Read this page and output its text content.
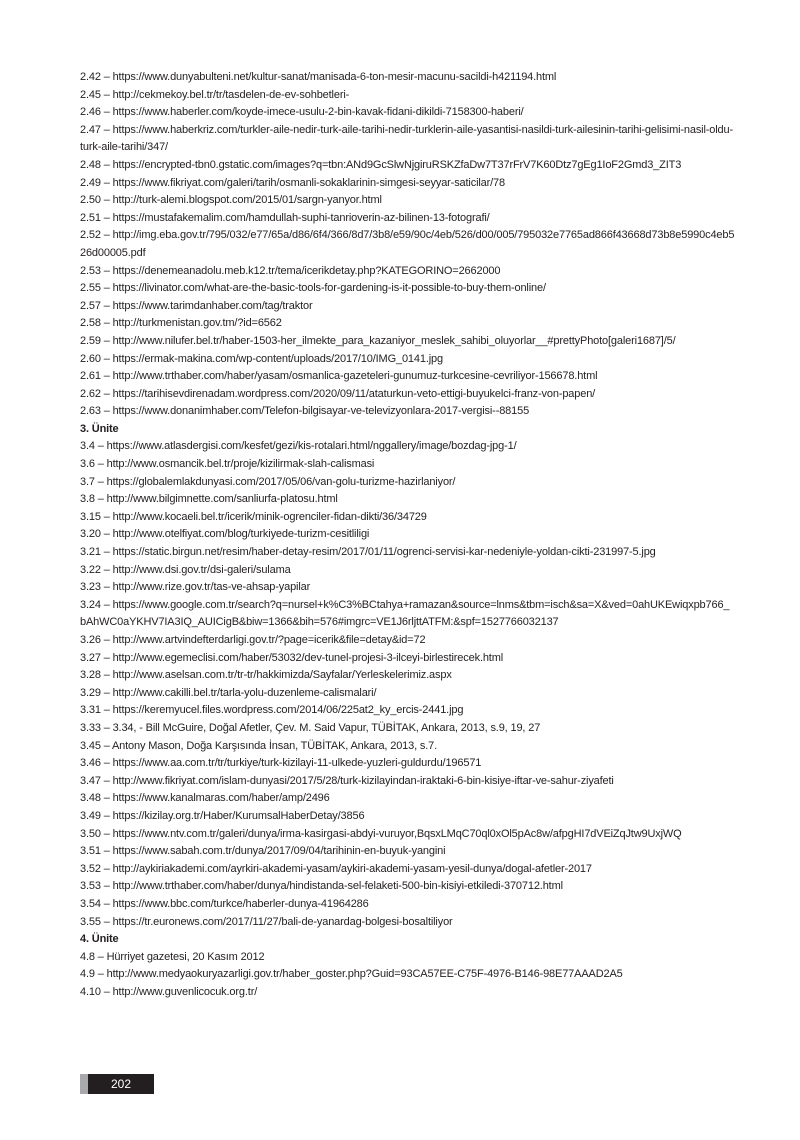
2.42 – https://www.dunyabulteni.net/kultur-sanat/manisada-6-ton-mesir-macunu-sacildi-h421194.html
2.45 – http://cekmekoy.bel.tr/tr/tasdelen-de-ev-sohbetleri-
2.46 – https://www.haberler.com/koyde-imece-usulu-2-bin-kavak-fidani-dikildi-7158300-haberi/
2.47 – https://www.haberkriz.com/turkler-aile-nedir-turk-aile-tarihi-nedir-turklerin-aile-yasantisi-nasildi-turk-ailesinin-tarihi-gelisimi-nasil-oldu-turk-aile-tarihi/347/
2.48 – https://encrypted-tbn0.gstatic.com/images?q=tbn:ANd9GcSlwNjgiruRSKZfaDw7T37rFrV7K60Dtz7gEg1IoF2Gmd3_ZIT3
2.49 – https://www.fikriyat.com/galeri/tarih/osmanli-sokaklarinin-simgesi-seyyar-saticilar/78
2.50 – http://turk-alemi.blogspot.com/2015/01/sargn-yanyor.html
2.51 – https://mustafakemalim.com/hamdullah-suphi-tanrioverin-az-bilinen-13-fotografi/
2.52 – http://img.eba.gov.tr/795/032/e77/65a/d86/6f4/366/8d7/3b8/e59/90c/4eb/526/d00/005/795032e7765ad866f43668d73b8e5990c4eb526d00005.pdf
2.53 – https://denemeanadolu.meb.k12.tr/tema/icerikdetay.php?KATEGORINO=2662000
2.55 – https://livinator.com/what-are-the-basic-tools-for-gardening-is-it-possible-to-buy-them-online/
2.57 – https://www.tarimdanhaber.com/tag/traktor
2.58 – http://turkmenistan.gov.tm/?id=6562
2.59 – http://www.nilufer.bel.tr/haber-1503-her_ilmekte_para_kazaniyor_meslek_sahibi_oluyorlar__#prettyPhoto[galeri1687]/5/
2.60 – https://ermak-makina.com/wp-content/uploads/2017/10/IMG_0141.jpg
2.61 – http://www.trthaber.com/haber/yasam/osmanlica-gazeteleri-gunumuz-turkcesine-cevriliyor-156678.html
2.62 – https://tarihisevdirenadam.wordpress.com/2020/09/11/ataturkun-veto-ettigi-buyukelci-franz-von-papen/
2.63 – https://www.donanimhaber.com/Telefon-bilgisayar-ve-televizyonlara-2017-vergisi--88155
3. Ünite
3.4 – https://www.atlasdergisi.com/kesfet/gezi/kis-rotalari.html/nggallery/image/bozdag-jpg-1/
3.6 – http://www.osmancik.bel.tr/proje/kizilirmak-slah-calismasi
3.7 – https://globalemlakdunyasi.com/2017/05/06/van-golu-turizme-hazirlaniyor/
3.8 – http://www.bilgimnette.com/sanliurfa-platosu.html
3.15 – http://www.kocaeli.bel.tr/icerik/minik-ogrenciler-fidan-dikti/36/34729
3.20 – http://www.otelfiyat.com/blog/turkiyede-turizm-cesitliligi
3.21 – https://static.birgun.net/resim/haber-detay-resim/2017/01/11/ogrenci-servisi-kar-nedeniyle-yoldan-cikti-231997-5.jpg
3.22 – http://www.dsi.gov.tr/dsi-galeri/sulama
3.23 – http://www.rize.gov.tr/tas-ve-ahsap-yapilar
3.24 – https://www.google.com.tr/search?q=nursel+k%C3%BCtahya+ramazan&source=lnms&tbm=isch&sa=X&ved=0ahUKEwiqxpb766_bAhWC0aYKHV7IA3IQ_AUICigB&biw=1366&bih=576#imgrc=VE1J6rljttATFM:&spf=1527766032137
3.26 – http://www.artvindefterdarligi.gov.tr/?page=icerik&file=detay&id=72
3.27 – http://www.egemeclisi.com/haber/53032/dev-tunel-projesi-3-ilceyi-birlestirecek.html
3.28 – http://www.aselsan.com.tr/tr-tr/hakkimizda/Sayfalar/Yerleskelerimiz.aspx
3.29 – http://www.cakilli.bel.tr/tarla-yolu-duzenleme-calismalari/
3.31 – https://keremyucel.files.wordpress.com/2014/06/225at2_ky_ercis-2441.jpg
3.33 – 3.34, - Bill McGuire, Doğal Afetler, Çev. M. Said Vapur, TÜBİTAK, Ankara, 2013, s.9, 19, 27
3.45 – Antony Mason, Doğa Karşısında İnsan, TÜBİTAK, Ankara, 2013, s.7.
3.46 – https://www.aa.com.tr/tr/turkiye/turk-kizilayi-11-ulkede-yuzleri-guldurdu/196571
3.47 – http://www.fikriyat.com/islam-dunyasi/2017/5/28/turk-kizilayindan-iraktaki-6-bin-kisiye-iftar-ve-sahur-ziyafeti
3.48 – https://www.kanalmaras.com/haber/amp/2496
3.49 – https://kizilay.org.tr/Haber/KurumsalHaberDetay/3856
3.50 – https://www.ntv.com.tr/galeri/dunya/irma-kasirgasi-abdyi-vuruyor,BqsxLMqC70ql0xOl5pAc8w/afpgHI7dVEiZqJtw9UxjWQ
3.51 – https://www.sabah.com.tr/dunya/2017/09/04/tarihinin-en-buyuk-yangini
3.52 – http://aykiriakademi.com/ayrkiri-akademi-yasam/aykiri-akademi-yasam-yesil-dunya/dogal-afetler-2017
3.53 – http://www.trthaber.com/haber/dunya/hindistanda-sel-felaketi-500-bin-kisiyi-etkiledi-370712.html
3.54 – https://www.bbc.com/turkce/haberler-dunya-41964286
3.55 – https://tr.euronews.com/2017/11/27/bali-de-yanardag-bolgesi-bosaltiliyor
4. Ünite
4.8 – Hürriyet gazetesi, 20 Kasım 2012
4.9 – http://www.medyaokuryazarligi.gov.tr/haber_goster.php?Guid=93CA57EE-C75F-4976-B146-98E77AAAD2A5
4.10 – http://www.guvenlicocuk.org.tr/
202
